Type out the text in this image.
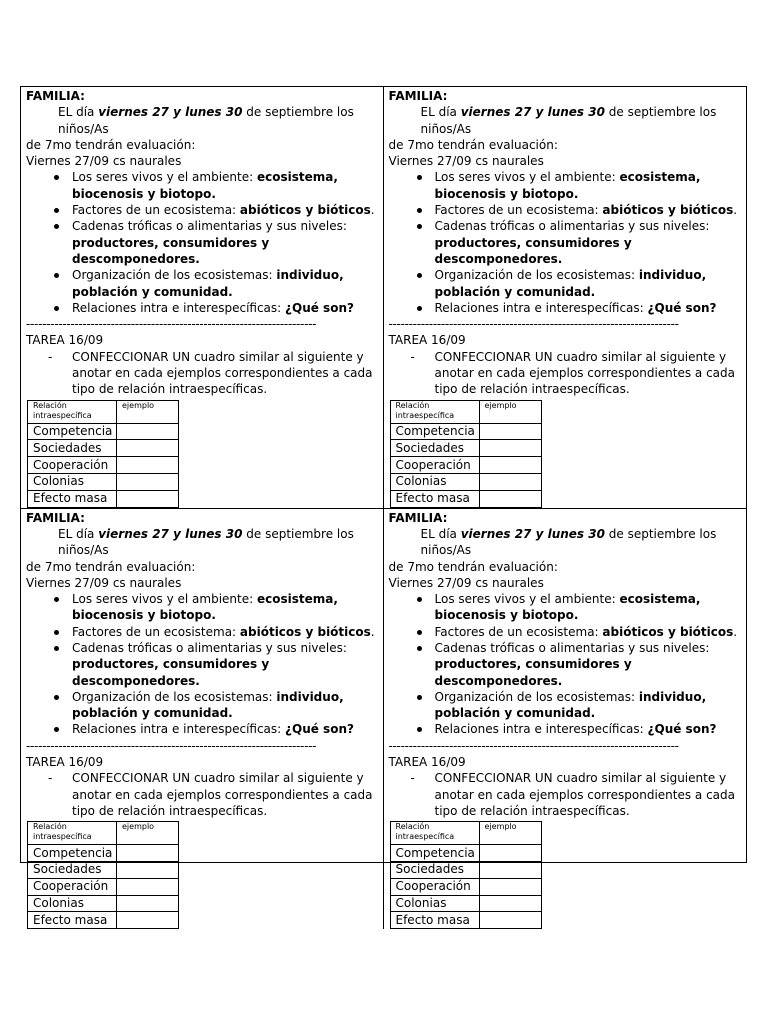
FAMILIA:
EL día viernes 27 y lunes 30 de septiembre los niños/As
de 7mo tendrán evaluación:
Viernes 27/09 cs naurales
Los seres vivos y el ambiente: ecosistema, biocenosis y biotopo.
Factores de un ecosistema: abióticos y bióticos.
Cadenas tróficas o alimentarias y sus niveles: productores, consumidores y descomponedores.
Organización de los ecosistemas: individuo, población y comunidad.
Relaciones intra e interespecíficas: ¿Qué son?
------------------------------------------------------------------------
TAREA 16/09
- CONFECCIONAR UN cuadro similar al siguiente y anotar en cada ejemplos correspondientes a cada tipo de relación intraespecíficas.
Relación intraespecífica	ejemplo
Competencia	
Sociedades	
Cooperación	
Colonias	
Efecto masa	
FAMILIA:
EL día viernes 27 y lunes 30 de septiembre los niños/As
de 7mo tendrán evaluación:
Viernes 27/09 cs naurales
Los seres vivos y el ambiente: ecosistema, biocenosis y biotopo.
Factores de un ecosistema: abióticos y bióticos.
Cadenas tróficas o alimentarias y sus niveles: productores, consumidores y descomponedores.
Organización de los ecosistemas: individuo, población y comunidad.
Relaciones intra e interespecíficas: ¿Qué son?
------------------------------------------------------------------------
TAREA 16/09
- CONFECCIONAR UN cuadro similar al siguiente y anotar en cada ejemplos correspondientes a cada tipo de relación intraespecíficas.
Relación intraespecífica	ejemplo
Competencia	
Sociedades	
Cooperación	
Colonias	
Efecto masa	
FAMILIA:
EL día viernes 27 y lunes 30 de septiembre los niños/As
de 7mo tendrán evaluación:
Viernes 27/09 cs naurales
Los seres vivos y el ambiente: ecosistema, biocenosis y biotopo.
Factores de un ecosistema: abióticos y bióticos.
Cadenas tróficas o alimentarias y sus niveles: productores, consumidores y descomponedores.
Organización de los ecosistemas: individuo, población y comunidad.
Relaciones intra e interespecíficas: ¿Qué son?
------------------------------------------------------------------------
TAREA 16/09
- CONFECCIONAR UN cuadro similar al siguiente y anotar en cada ejemplos correspondientes a cada tipo de relación intraespecíficas.
Relación intraespecífica	ejemplo
Competencia	
Sociedades	
Cooperación	
Colonias	
Efecto masa	
FAMILIA:
EL día viernes 27 y lunes 30 de septiembre los niños/As
de 7mo tendrán evaluación:
Viernes 27/09 cs naurales
Los seres vivos y el ambiente: ecosistema, biocenosis y biotopo.
Factores de un ecosistema: abióticos y bióticos.
Cadenas tróficas o alimentarias y sus niveles: productores, consumidores y descomponedores.
Organización de los ecosistemas: individuo, población y comunidad.
Relaciones intra e interespecíficas: ¿Qué son?
------------------------------------------------------------------------
TAREA 16/09
- CONFECCIONAR UN cuadro similar al siguiente y anotar en cada ejemplos correspondientes a cada tipo de relación intraespecíficas.
Relación intraespecífica	ejemplo
Competencia	
Sociedades	
Cooperación	
Colonias	
Efecto masa	
